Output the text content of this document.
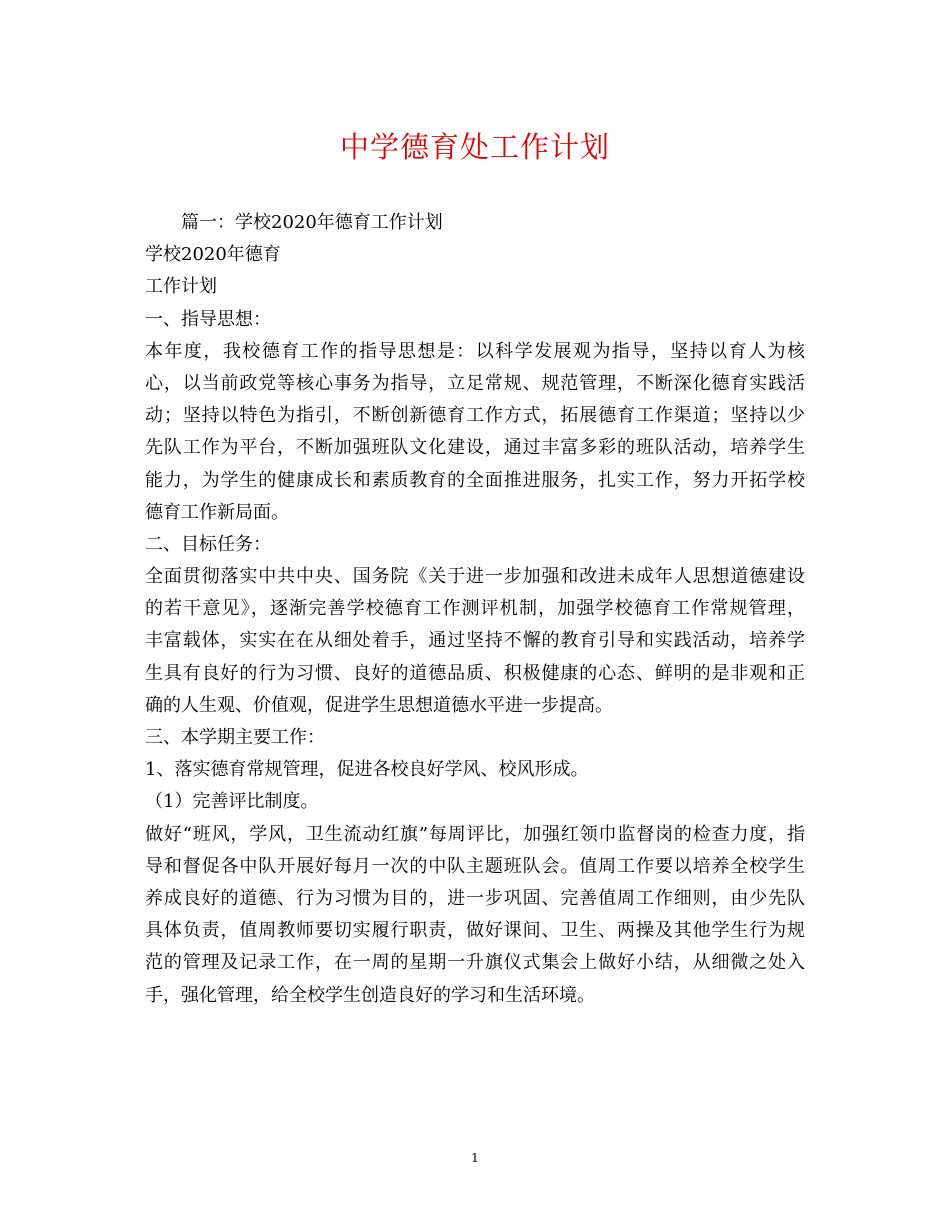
中学德育处工作计划
篇一：学校2020年德育工作计划
学校2020年德育
工作计划
一、指导思想：
本年度，我校德育工作的指导思想是：以科学发展观为指导，坚持以育人为核
心，以当前政党等核心事务为指导，立足常规、规范管理，不断深化德育实践活
动；坚持以特色为指引，不断创新德育工作方式，拓展德育工作渠道；坚持以少
先队工作为平台，不断加强班队文化建设，通过丰富多彩的班队活动，培养学生
能力，为学生的健康成长和素质教育的全面推进服务，扎实工作，努力开拓学校
德育工作新局面。
二、目标任务：
全面贯彻落实中共中央、国务院《关于进一步加强和改进未成年人思想道德建设
的若干意见》，逐渐完善学校德育工作测评机制，加强学校德育工作常规管理，
丰富载体，实实在在从细处着手，通过坚持不懈的教育引导和实践活动，培养学
生具有良好的行为习惯、良好的道德品质、积极健康的心态、鲜明的是非观和正
确的人生观、价值观，促进学生思想道德水平进一步提高。
三、本学期主要工作：
1、落实德育常规管理，促进各校良好学风、校风形成。
（1）完善评比制度。
做好“班风，学风，卫生流动红旗”每周评比，加强红领巾监督岗的检查力度，指
导和督促各中队开展好每月一次的中队主题班队会。值周工作要以培养全校学生
养成良好的道德、行为习惯为目的，进一步巩固、完善值周工作细则，由少先队
具体负责，值周教师要切实履行职责，做好课间、卫生、两操及其他学生行为规
范的管理及记录工作，在一周的星期一升旗仪式集会上做好小结，从细微之处入
手，强化管理，给全校学生创造良好的学习和生活环境。
1
